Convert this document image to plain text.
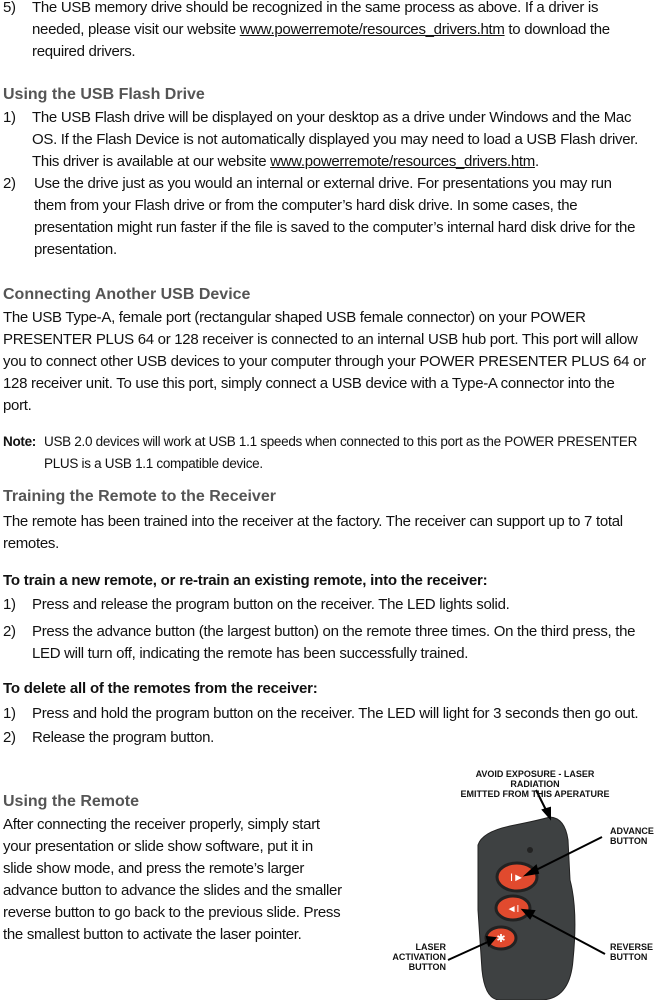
5)	The USB memory drive should be recognized in the same process as above. If a driver is
needed, please visit our website www.powerremote/resources_drivers.htm to download the
required drivers.
Using the USB Flash Drive
1)	The USB Flash drive will be displayed on your desktop as a drive under Windows and the Mac
OS. If the Flash Device is not automatically displayed you may need to load a USB Flash driver.
This driver is available at our website www.powerremote/resources_drivers.htm.
2)	Use the drive just as you would an internal or external drive. For presentations you may run
them from your Flash drive or from the computer’s hard disk drive. In some cases, the
presentation might run faster if the file is saved to the computer’s internal hard disk drive for the
presentation.
Connecting Another USB Device
The USB Type-A, female port (rectangular shaped USB female connector) on your POWER
PRESENTER PLUS 64 or 128 receiver is connected to an internal USB hub port. This port will allow
you to connect other USB devices to your computer through your POWER PRESENTER PLUS 64 or
128 receiver unit. To use this port, simply connect a USB device with a Type-A connector into the
port.
Note: USB 2.0 devices will work at USB 1.1 speeds when connected to this port as the POWER PRESENTER
PLUS is a USB 1.1 compatible device.
Training the Remote to the Receiver
The remote has been trained into the receiver at the factory. The receiver can support up to 7 total
remotes.
To train a new remote, or re-train an existing remote, into the receiver:
1)	Press and release the program button on the receiver. The LED lights solid.
2)	Press the advance button (the largest button) on the remote three times. On the third press, the
LED will turn off, indicating the remote has been successfully trained.
To delete all of the remotes from the receiver:
1)	Press and hold the program button on the receiver. The LED will light for 3 seconds then go out.
2)	Release the program button.
Using the Remote
After connecting the receiver properly, simply start
your presentation or slide show software, put it in
slide show mode, and press the remote’s larger
advance button to advance the slides and the smaller
reverse button to go back to the previous slide. Press
the smallest button to activate the laser pointer.
I►
◄I
✱
AVOID EXPOSURE - LASER RADIATION
EMITTED FROM THIS APERATURE
ADVANCE
BUTTON
REVERSE
BUTTON
LASER
ACTIVATION
BUTTON
